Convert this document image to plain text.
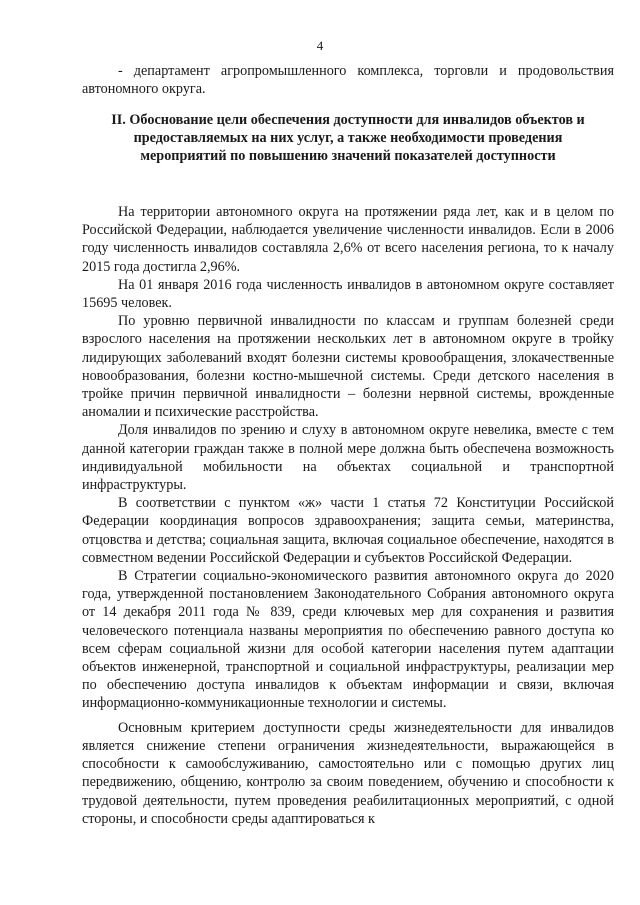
4

- департамент агропромышленного комплекса, торговли и продовольствия автономного округа.

II. Обоснование цели обеспечения доступности для инвалидов объектов и предоставляемых на них услуг, а также необходимости проведения мероприятий по повышению значений показателей доступности

На территории автономного округа на протяжении ряда лет, как и в целом по Российской Федерации, наблюдается увеличение численности инвалидов. Если в 2006 году численность инвалидов составляла 2,6% от всего населения региона, то к началу 2015 года достигла 2,96%.

На 01 января 2016 года численность инвалидов в автономном округе составляет 15695 человек.

По уровню первичной инвалидности по классам и группам болезней среди взрослого населения на протяжении нескольких лет в автономном округе в тройку лидирующих заболеваний входят болезни системы кровообращения, злокачественные новообразования, болезни костно-мышечной системы. Среди детского населения в тройке причин первичной инвалидности – болезни нервной системы, врожденные аномалии и психические расстройства.

Доля инвалидов по зрению и слуху в автономном округе невелика, вместе с тем данной категории граждан также в полной мере должна быть обеспечена возможность индивидуальной мобильности на объектах социальной и транспортной инфраструктуры.

В соответствии с пунктом «ж» части 1 статья 72 Конституции Российской Федерации координация вопросов здравоохранения; защита семьи, материнства, отцовства и детства; социальная защита, включая социальное обеспечение, находятся в совместном ведении Российской Федерации и субъектов Российской Федерации.

В Стратегии социально-экономического развития автономного округа до 2020 года, утвержденной постановлением Законодательного Собрания автономного округа от 14 декабря 2011 года № 839, среди ключевых мер для сохранения и развития человеческого потенциала названы мероприятия по обеспечению равного доступа ко всем сферам социальной жизни для особой категории населения путем адаптации объектов инженерной, транспортной и социальной инфраструктуры, реализации мер по обеспечению доступа инвалидов к объектам информации и связи, включая информационно-коммуникационные технологии и системы.

Основным критерием доступности среды жизнедеятельности для инвалидов является снижение степени ограничения жизнедеятельности, выражающейся в способности к самообслуживанию, самостоятельно или с помощью других лиц передвижению, общению, контролю за своим поведением, обучению и способности к трудовой деятельности, путем проведения реабилитационных мероприятий, с одной стороны, и способности среды адаптироваться к
